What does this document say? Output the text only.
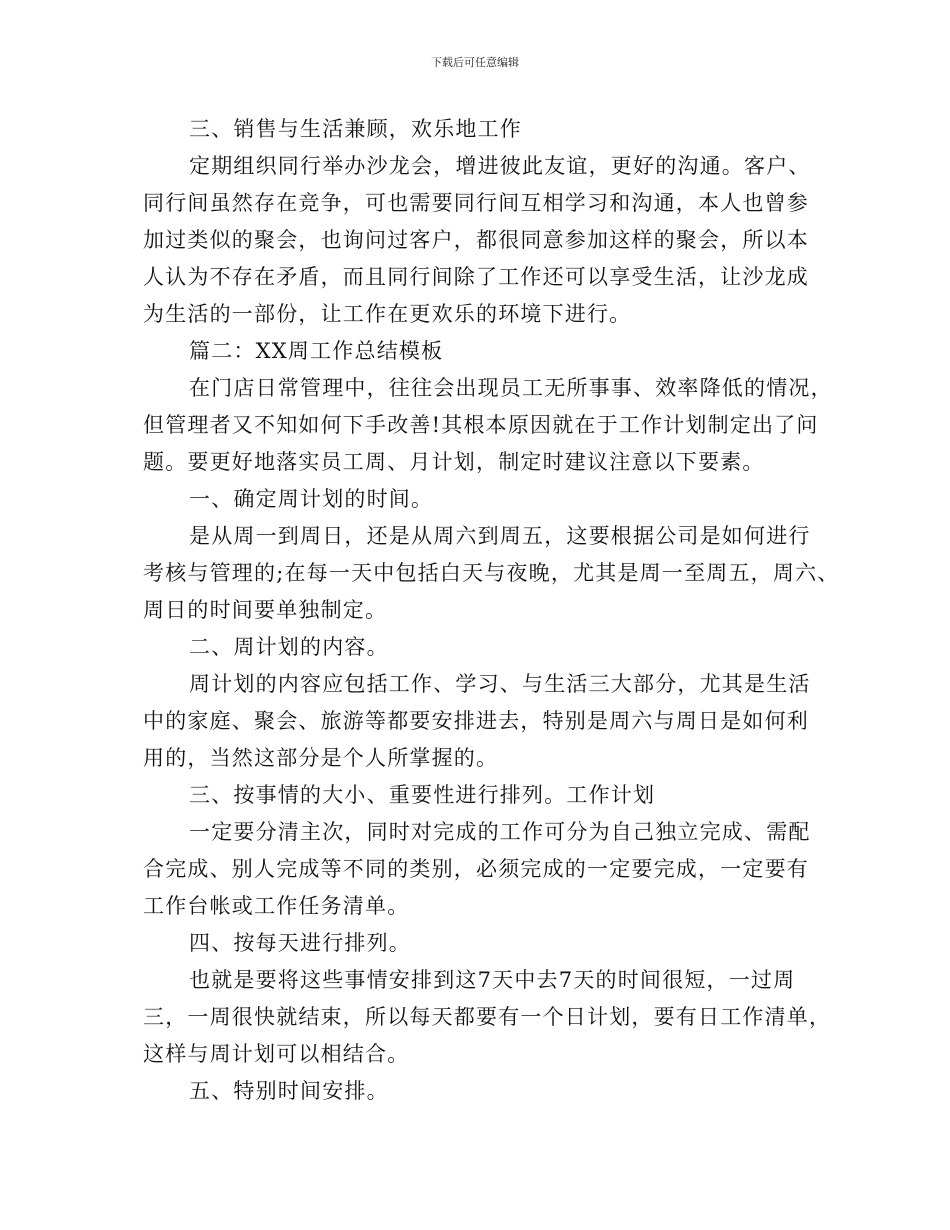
下载后可任意编辑
三、销售与生活兼顾，欢乐地工作
定期组织同行举办沙龙会，增进彼此友谊，更好的沟通。客户、
同行间虽然存在竞争，可也需要同行间互相学习和沟通，本人也曾参
加过类似的聚会，也询问过客户，都很同意参加这样的聚会，所以本
人认为不存在矛盾，而且同行间除了工作还可以享受生活，让沙龙成
为生活的一部份，让工作在更欢乐的环境下进行。
篇二：XX周工作总结模板
在门店日常管理中，往往会出现员工无所事事、效率降低的情况，
但管理者又不知如何下手改善!其根本原因就在于工作计划制定出了问
题。要更好地落实员工周、月计划，制定时建议注意以下要素。
一、确定周计划的时间。
是从周一到周日，还是从周六到周五，这要根据公司是如何进行
考核与管理的;在每一天中包括白天与夜晚，尤其是周一至周五，周六、
周日的时间要单独制定。
二、周计划的内容。
周计划的内容应包括工作、学习、与生活三大部分，尤其是生活
中的家庭、聚会、旅游等都要安排进去，特别是周六与周日是如何利
用的，当然这部分是个人所掌握的。
三、按事情的大小、重要性进行排列。工作计划
一定要分清主次，同时对完成的工作可分为自己独立完成、需配
合完成、别人完成等不同的类别，必须完成的一定要完成，一定要有
工作台帐或工作任务清单。
四、按每天进行排列。
也就是要将这些事情安排到这7天中去7天的时间很短，一过周
三，一周很快就结束，所以每天都要有一个日计划，要有日工作清单，
这样与周计划可以相结合。
五、特别时间安排。
